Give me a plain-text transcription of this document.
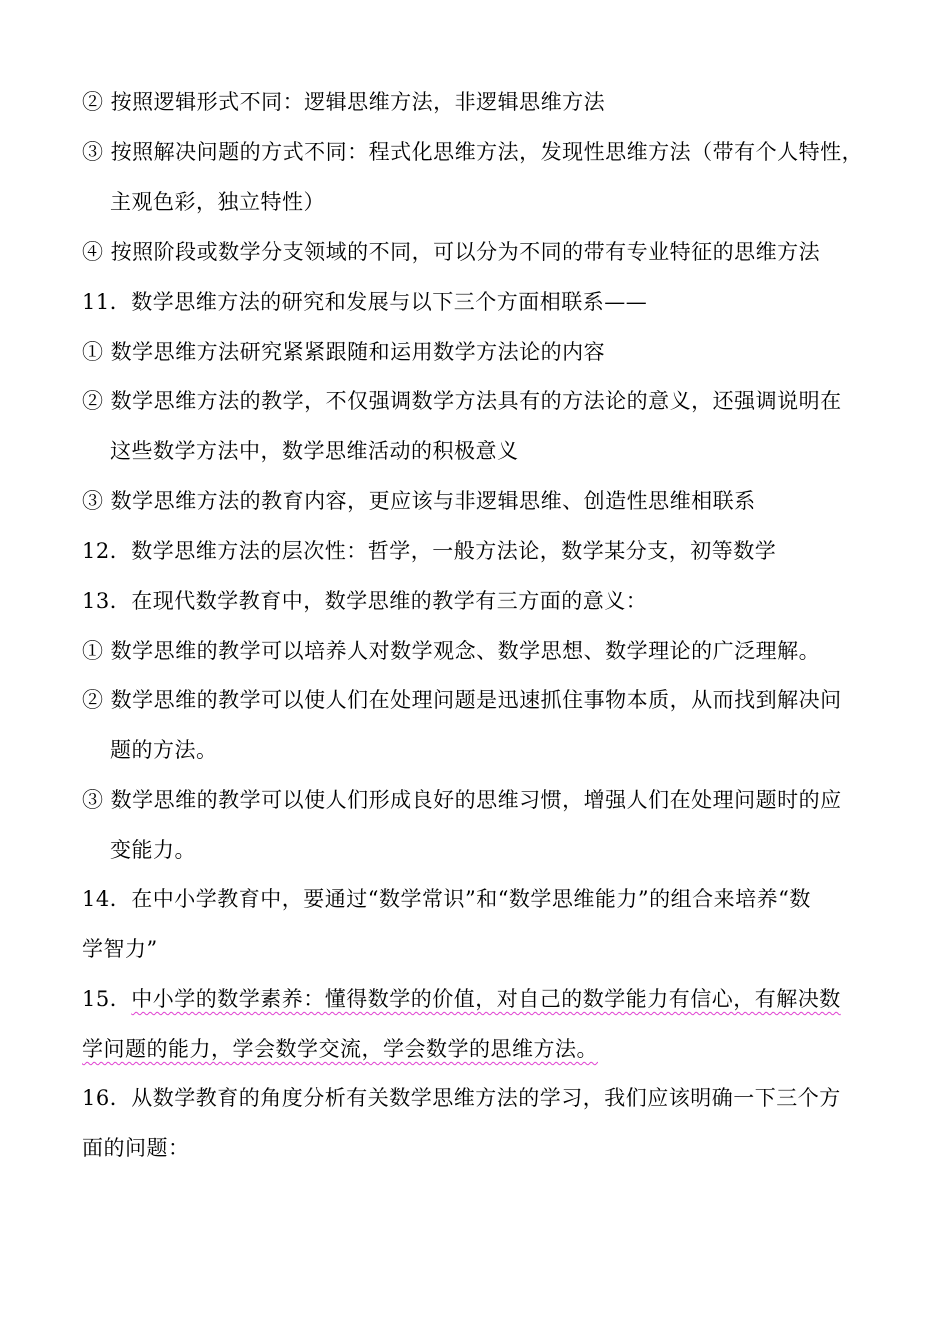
② 按照逻辑形式不同：逻辑思维方法，非逻辑思维方法
③ 按照解决问题的方式不同：程式化思维方法，发现性思维方法（带有个人特性，
主观色彩，独立特性）
④ 按照阶段或数学分支领域的不同，可以分为不同的带有专业特征的思维方法
11．数学思维方法的研究和发展与以下三个方面相联系——
① 数学思维方法研究紧紧跟随和运用数学方法论的内容
② 数学思维方法的教学，不仅强调数学方法具有的方法论的意义，还强调说明在
这些数学方法中，数学思维活动的积极意义
③ 数学思维方法的教育内容，更应该与非逻辑思维、创造性思维相联系
12．数学思维方法的层次性：哲学，一般方法论，数学某分支，初等数学
13．在现代数学教育中，数学思维的教学有三方面的意义：
① 数学思维的教学可以培养人对数学观念、数学思想、数学理论的广泛理解。
② 数学思维的教学可以使人们在处理问题是迅速抓住事物本质，从而找到解决问
题的方法。
③ 数学思维的教学可以使人们形成良好的思维习惯，增强人们在处理问题时的应
变能力。
14．在中小学教育中，要通过“数学常识”和“数学思维能力”的组合来培养“数
学智力”
15．中小学的数学素养：懂得数学的价值，对自己的数学能力有信心，有解决数
学问题的能力，学会数学交流，学会数学的思维方法。
16．从数学教育的角度分析有关数学思维方法的学习，我们应该明确一下三个方
面的问题：
